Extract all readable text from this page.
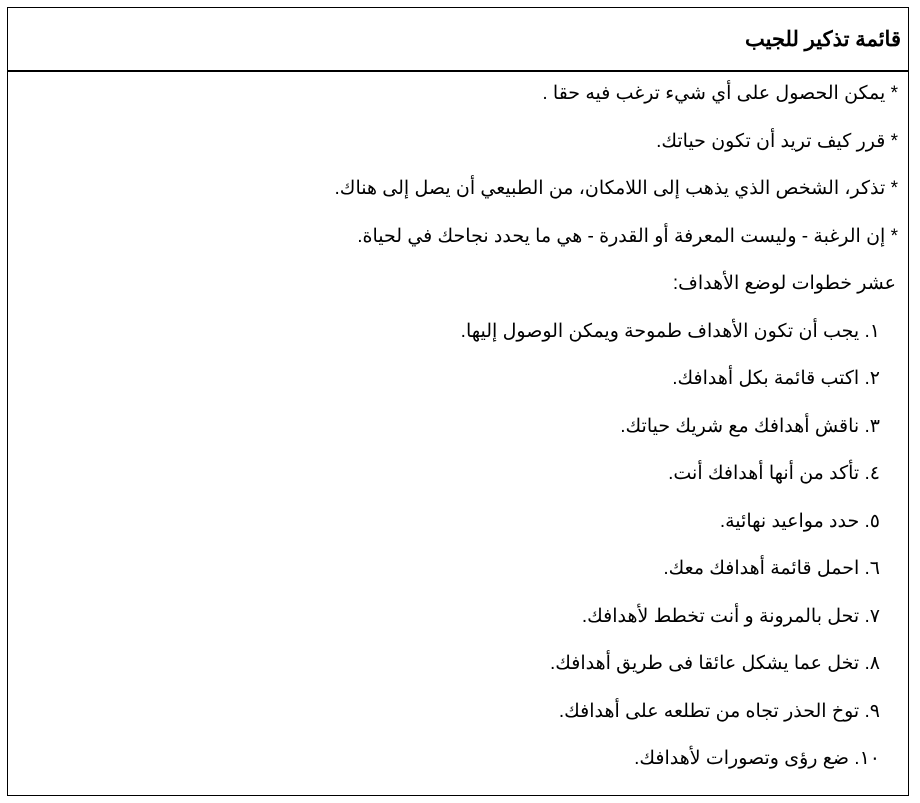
قائمة تذكير للجيب
* يمكن الحصول على أي شيء ترغب فيه حقا .
* قرر كيف تريد أن تكون حياتك.
* تذكر، الشخص الذي يذهب إلى اللامكان، من الطبيعي أن يصل إلى هناك.
* إن الرغبة - وليست المعرفة أو القدرة - هي ما يحدد نجاحك في لحياة.
عشر خطوات لوضع الأهداف:
١. يجب أن تكون الأهداف طموحة ويمكن الوصول إليها.
٢. اكتب قائمة بكل أهدافك.
٣. ناقش أهدافك مع شريك حياتك.
٤. تأكد من أنها أهدافك أنت.
٥. حدد مواعيد نهائية.
٦. احمل قائمة أهدافك معك.
٧. تحل بالمرونة و أنت تخطط لأهدافك.
٨. تخل عما يشكل عائقا فى طريق أهدافك.
٩. توخ الحذر تجاه من تطلعه على أهدافك.
١٠. ضع رؤى وتصورات لأهدافك.
